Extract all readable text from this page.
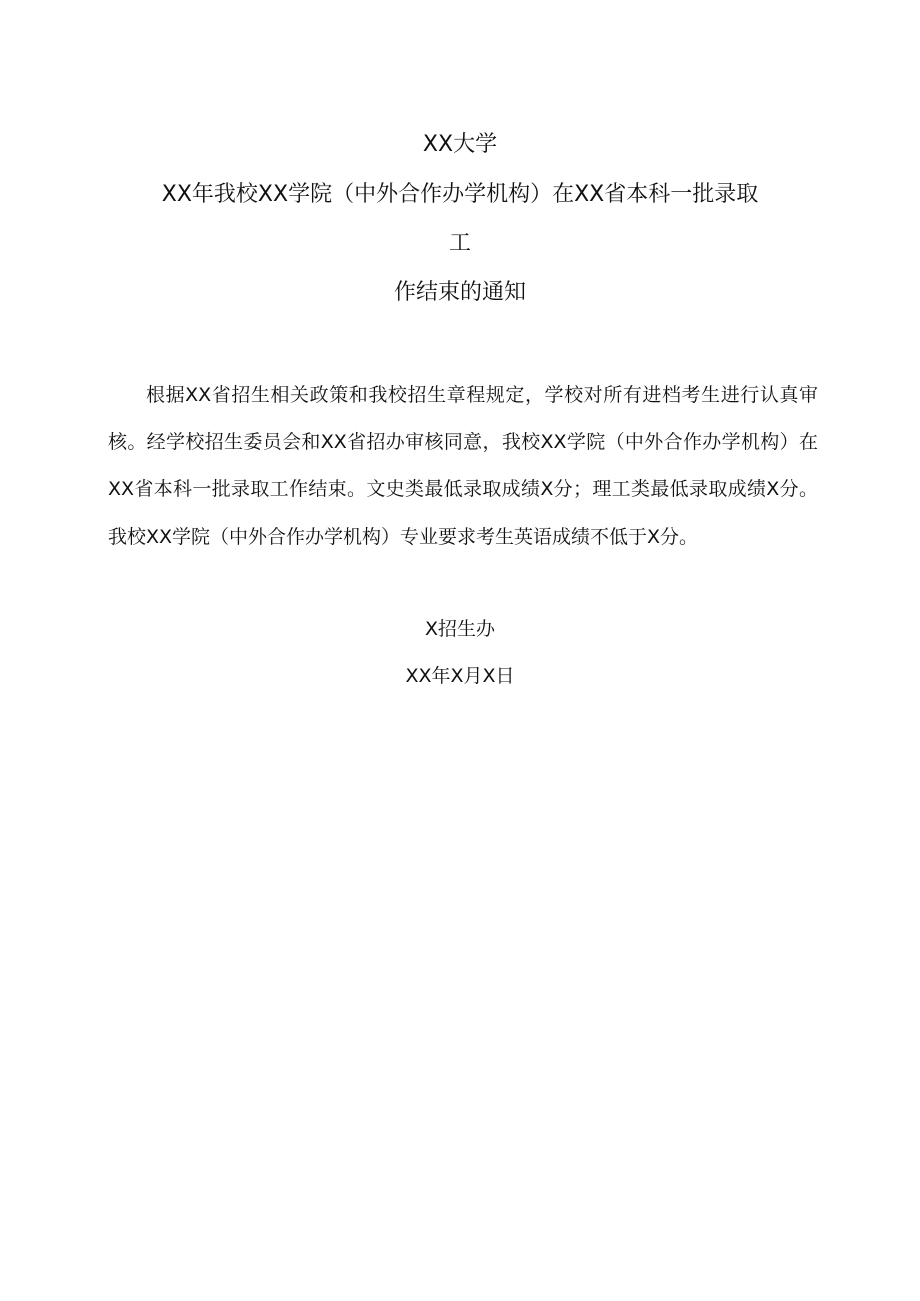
XX大学
XX年我校XX学院（中外合作办学机构）在XX省本科一批录取
工
作结束的通知

根据XX省招生相关政策和我校招生章程规定，学校对所有进档考生进行认真审核。经学校招生委员会和XX省招办审核同意，我校XX学院（中外合作办学机构）在XX省本科一批录取工作结束。文史类最低录取成绩X分；理工类最低录取成绩X分。我校XX学院（中外合作办学机构）专业要求考生英语成绩不低于X分。

X招生办
XX年X月X日
